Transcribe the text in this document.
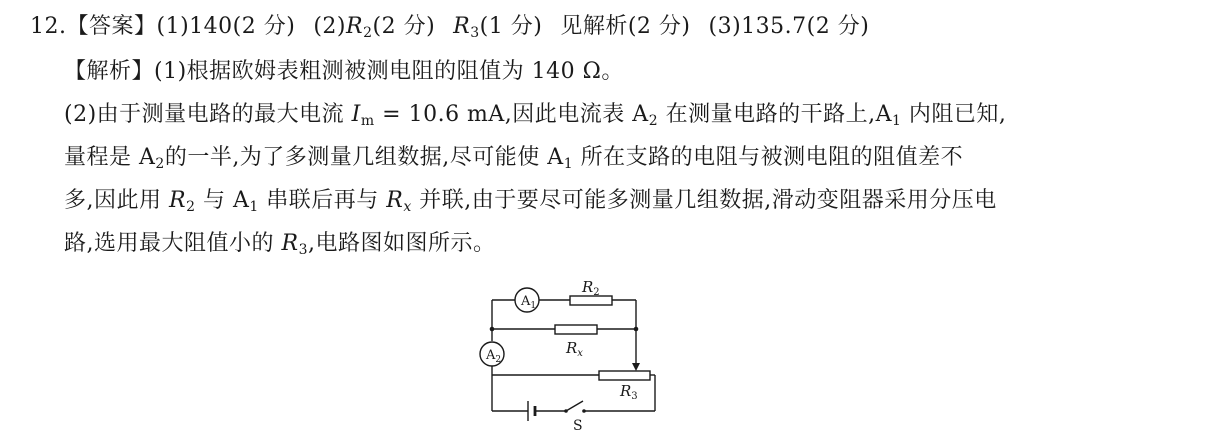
12.【答案】(1)140(2 分) $(2)R_2(2$ 分) $R_3(1$ 分) 见解析(2 分) (3)135.7(2 分)
【解析】(1)根据欧姆表粗测被测电阻的阻值为 140 Ω。
(2)由于测量电路的最大电流 $I_m = 10.6$ mA,因此电流表 $A_2$ 在测量电路的干路上$,A_1$ 内阻已知,
量程是 $A_2$的一半,为了多测量几组数据,尽可能使 $A_1$ 所在支路的电阻与被测电阻的阻值差不
多,因此用 $R_2$ 与 $A_1$ 串联后再与 $R_x$ 并联,由于要尽可能多测量几组数据,滑动变阻器采用分压电
路,选用最大阻值小的 $R_3$,电路图如图所示。
$A_1$
$A_2$
$R_2$
$R_x$
$R_3$
S
